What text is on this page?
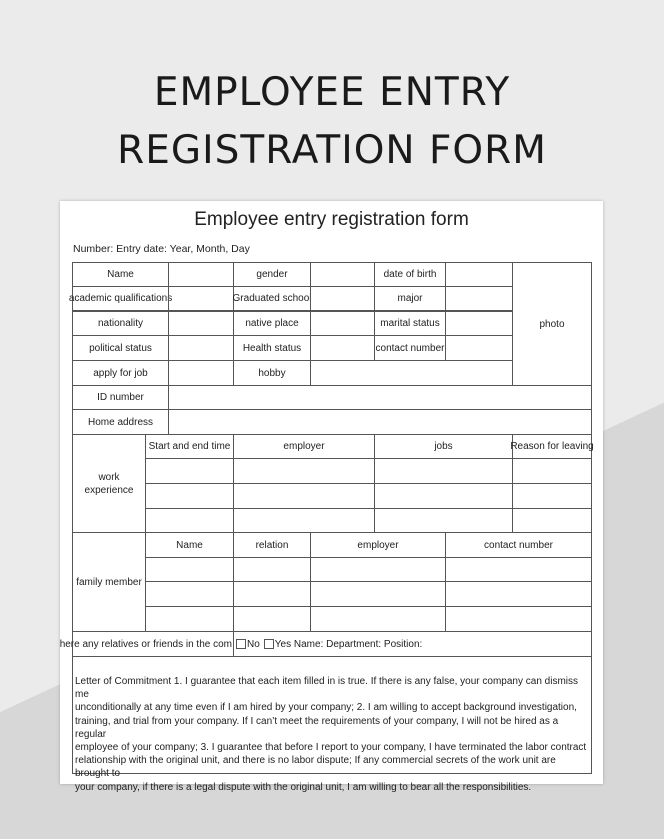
EMPLOYEE ENTRY
REGISTRATION FORM
Employee entry registration form
Number: Entry date: Year, Month, Day
Name	gender	date of birth
photo
academic qualifications	Graduated school	major
nationality	native place	marital status
political status	Health status	contact number
apply for job	hobby
ID number
Home address
work experience
Start and end time	employer	jobs	Reason for leaving
family member
Name	relation	employer	contact number
here any relatives or friends in the com No Yes Name: Department: Position:
Letter of Commitment 1. I guarantee that each item filled in is true. If there is any false, your company can dismiss me
unconditionally at any time even if I am hired by your company; 2. I am willing to accept background investigation,
training, and trial from your company. If I can’t meet the requirements of your company, I will not be hired as a regular
employee of your company; 3. I guarantee that before I report to your company, I have terminated the labor contract
relationship with the original unit, and there is no labor dispute; If any commercial secrets of the work unit are brought to
your company, if there is a legal dispute with the original unit, I am willing to bear all the responsibilities.
